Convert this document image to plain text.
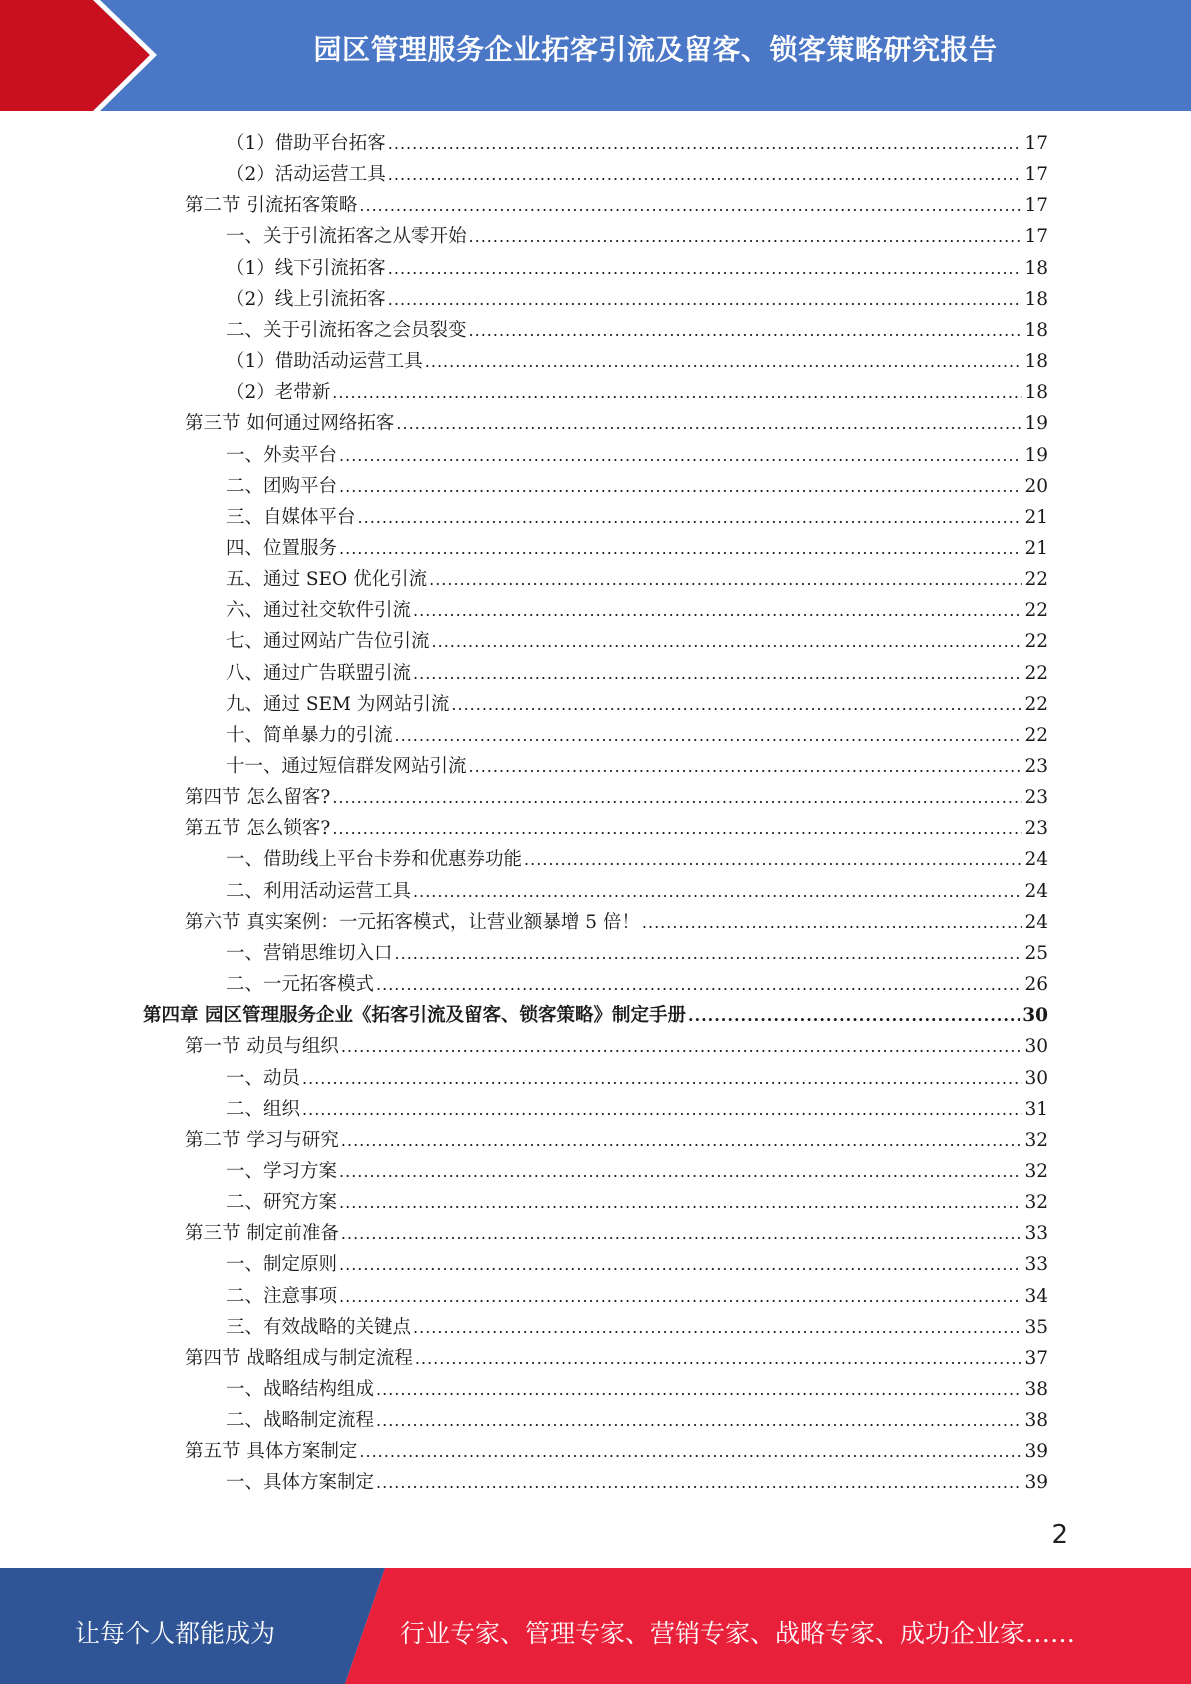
园区管理服务企业拓客引流及留客、锁客策略研究报告
（1）借助平台拓客 .....	17
（2）活动运营工具 .....	17
第二节 引流拓客策略 .....	17
一、关于引流拓客之从零开始 .....	17
（1）线下引流拓客 .....	18
（2）线上引流拓客 .....	18
二、关于引流拓客之会员裂变 .....	18
（1）借助活动运营工具 .....	18
（2）老带新 .....	18
第三节 如何通过网络拓客 .....	19
一、外卖平台 .....	19
二、团购平台 .....	20
三、自媒体平台 .....	21
四、位置服务 .....	21
五、通过 SEO 优化引流 .....	22
六、通过社交软件引流 .....	22
七、通过网站广告位引流 .....	22
八、通过广告联盟引流 .....	22
九、通过 SEM 为网站引流 .....	22
十、简单暴力的引流 .....	22
十一、通过短信群发网站引流 .....	23
第四节 怎么留客? .....	23
第五节 怎么锁客? .....	23
一、借助线上平台卡券和优惠券功能 .....	24
二、利用活动运营工具 .....	24
第六节 真实案例：一元拓客模式，让营业额暴增 5 倍！ .....	24
一、营销思维切入口 .....	25
二、一元拓客模式 .....	26
第四章 园区管理服务企业《拓客引流及留客、锁客策略》制定手册 .....	30
第一节 动员与组织 .....	30
一、动员 .....	30
二、组织 .....	31
第二节 学习与研究 .....	32
一、学习方案 .....	32
二、研究方案 .....	32
第三节 制定前准备 .....	33
一、制定原则 .....	33
二、注意事项 .....	34
三、有效战略的关键点 .....	35
第四节 战略组成与制定流程 .....	37
一、战略结构组成 .....	38
二、战略制定流程 .....	38
第五节 具体方案制定 .....	39
一、具体方案制定 .....	39
2
让每个人都能成为	行业专家、管理专家、营销专家、战略专家、成功企业家……
